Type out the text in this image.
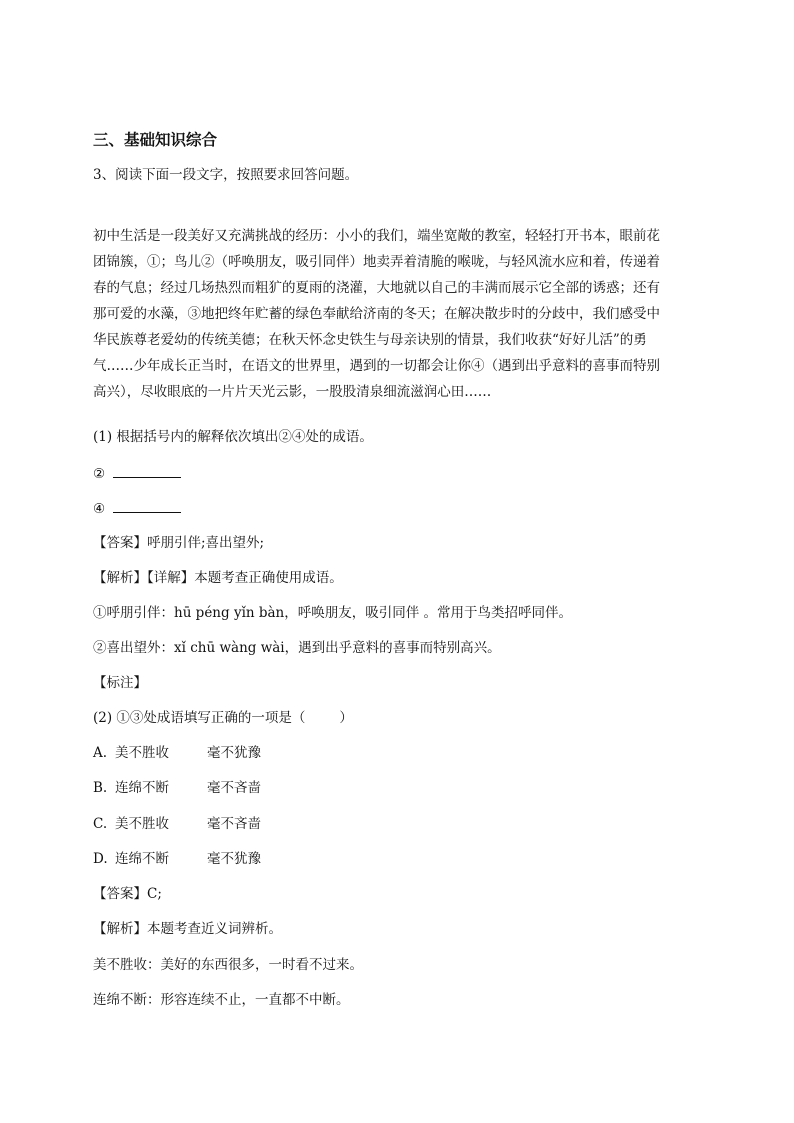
三、基础知识综合
3、阅读下面一段文字，按照要求回答问题。
初中生活是一段美好又充满挑战的经历：小小的我们，端坐宽敞的教室，轻轻打开书本，眼前花
团锦簇，①；鸟儿②（呼唤朋友，吸引同伴）地卖弄着清脆的喉咙，与轻风流水应和着，传递着
春的气息；经过几场热烈而粗犷的夏雨的浇灌，大地就以自己的丰满而展示它全部的诱惑；还有
那可爱的水藻，③地把终年贮蓄的绿色奉献给济南的冬天；在解决散步时的分歧中，我们感受中
华民族尊老爱幼的传统美德；在秋天怀念史铁生与母亲诀别的情景，我们收获“好好儿活”的勇
气……少年成长正当时，在语文的世界里，遇到的一切都会让你④（遇到出乎意料的喜事而特别
高兴），尽收眼底的一片片天光云影，一股股清泉细流滋润心田……
(1) 根据括号内的解释依次填出②④处的成语。
②
④
【答案】呼朋引伴;喜出望外;
【解析】【详解】本题考查正确使用成语。
①呼朋引伴：hū péng yǐn bàn，呼唤朋友，吸引同伴 。常用于鸟类招呼同伴。
②喜出望外：xǐ chū wàng wài，遇到出乎意料的喜事而特别高兴。
【标注】
(2) ①③处成语填写正确的一项是（	）
A. 美不胜收	毫不犹豫
B. 连绵不断	毫不吝啬
C. 美不胜收	毫不吝啬
D. 连绵不断	毫不犹豫
【答案】C;
【解析】本题考查近义词辨析。
美不胜收：美好的东西很多，一时看不过来。
连绵不断：形容连续不止，一直都不中断。
